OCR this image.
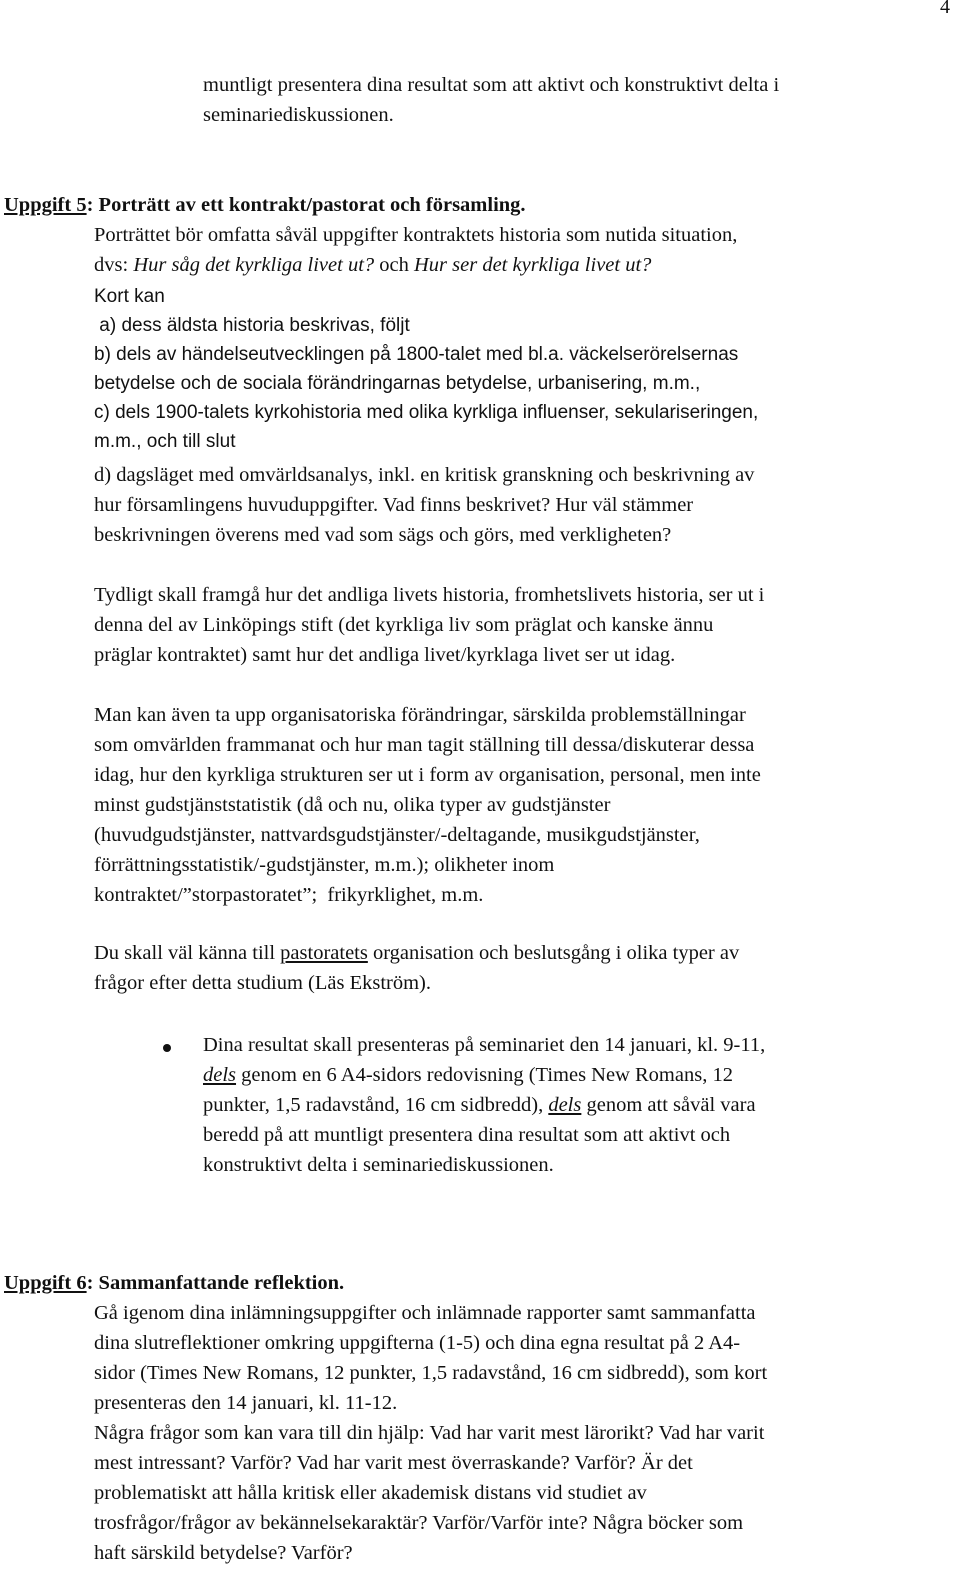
4
muntligt presentera dina resultat som att aktivt och konstruktivt delta i
seminariediskussionen.
Uppgift 5: Porträtt av ett kontrakt/pastorat och församling.
Porträttet bör omfatta såväl uppgifter kontraktets historia som nutida situation,
dvs: Hur såg det kyrkliga livet ut? och Hur ser det kyrkliga livet ut?
Kort kan
a) dess äldsta historia beskrivas, följt
b) dels av händelseutvecklingen på 1800-talet med bl.a. väckelserörelsernas
betydelse och de sociala förändringarnas betydelse, urbanisering, m.m.,
c) dels 1900-talets kyrkohistoria med olika kyrkliga influenser, sekulariseringen,
m.m., och till slut
d) dagsläget med omvärldsanalys, inkl. en kritisk granskning och beskrivning av
hur församlingens huvuduppgifter. Vad finns beskrivet? Hur väl stämmer
beskrivningen överens med vad som sägs och görs, med verkligheten?
Tydligt skall framgå hur det andliga livets historia, fromhetslivets historia, ser ut i
denna del av Linköpings stift (det kyrkliga liv som präglat och kanske ännu
präglar kontraktet) samt hur det andliga livet/kyrklaga livet ser ut idag.
Man kan även ta upp organisatoriska förändringar, särskilda problemställningar
som omvärlden frammanat och hur man tagit ställning till dessa/diskuterar dessa
idag, hur den kyrkliga strukturen ser ut i form av organisation, personal, men inte
minst gudstjänststatistik (då och nu, olika typer av gudstjänster
(huvudgudstjänster, nattvardsgudstjänster/-deltagande, musikgudstjänster,
förrättningsstatistik/-gudstjänster, m.m.); olikheter inom
kontraktet/”storpastoratet”;  frikyrklighet, m.m.
Du skall väl känna till pastoratets organisation och beslutsgång i olika typer av
frågor efter detta studium (Läs Ekström).
Dina resultat skall presenteras på seminariet den 14 januari, kl. 9-11,
dels genom en 6 A4-sidors redovisning (Times New Romans, 12
punkter, 1,5 radavstånd, 16 cm sidbredd), dels genom att såväl vara
beredd på att muntligt presentera dina resultat som att aktivt och
konstruktivt delta i seminariediskussionen.
Uppgift 6: Sammanfattande reflektion.
Gå igenom dina inlämningsuppgifter och inlämnade rapporter samt sammanfatta
dina slutreflektioner omkring uppgifterna (1-5) och dina egna resultat på 2 A4-
sidor (Times New Romans, 12 punkter, 1,5 radavstånd, 16 cm sidbredd), som kort
presenteras den 14 januari, kl. 11-12.
Några frågor som kan vara till din hjälp: Vad har varit mest lärorikt? Vad har varit
mest intressant? Varför? Vad har varit mest överraskande? Varför? Är det
problematiskt att hålla kritisk eller akademisk distans vid studiet av
trosfrågor/frågor av bekännelsekaraktär? Varför/Varför inte? Några böcker som
haft särskild betydelse? Varför?
